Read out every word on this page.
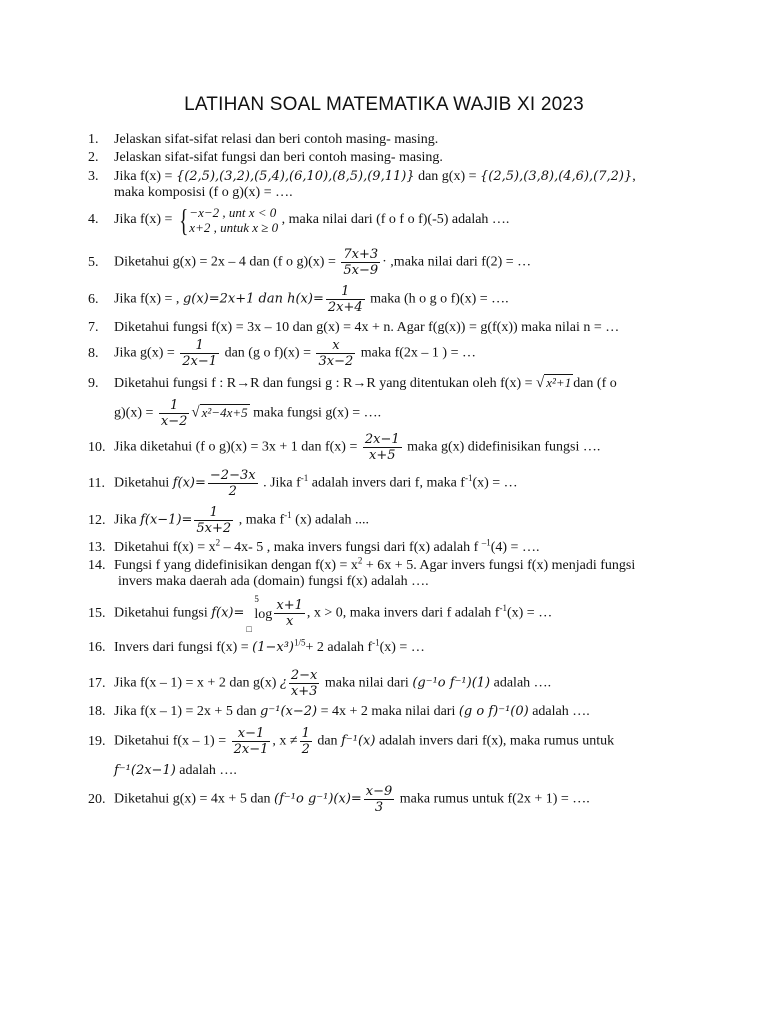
LATIHAN SOAL MATEMATIKA WAJIB XI 2023
1. Jelaskan sifat-sifat relasi dan beri contoh masing- masing.
2. Jelaskan sifat-sifat fungsi dan beri contoh masing- masing.
3. Jika f(x) = {(2,5),(3,2),(5,4),(6,10),(8,5),(9,11)} dan g(x) = {(2,5),(3,8),(4,6),(7,2)},
maka komposisi (f o g)(x) = ….
4. Jika f(x) = { −x−2 , unt x < 0
x+2 , untuk x ≥ 0
, maka nilai dari (f o f o f)(-5) adalah ….
5. Diketahui g(x) = 2x – 4 dan (f o $g)(x) = \frac{7x+3}{5x-9}$ · ,maka nilai dari f(2) = …
6. Jika f(x) = , g(x)=2x+1 dan $h(x)= \frac{1}{2x+4}$ maka (h o g o f)(x) = ….
7. Diketahui fungsi f(x) = 3x – 10 dan g(x) = 4x + n. Agar f(g(x)) = g(f(x)) maka nilai n = …
8. Jika $g(x) = \frac{1}{2x-1}$ dan (g o $f)(x) = \frac{x}{3x-2}$ maka f(2x – 1 ) = …
9. Diketahui fungsi f : R→R dan fungsi g : R→R yang ditentukan oleh f(x) = √ x²+1 dan (f o
$g)(x) = \frac{1}{x-2}$ √ x²−4x+5 maka fungsi g(x) = ….
10. Jika diketahui (f o g)(x) = 3x + 1 dan $f(x) = \frac{2x-1}{x+5}$ maka g(x) didefinisikan fungsi ….
11. Diketahui $f(x)= \frac{-2-3x}{2}$ . Jika $f^{-1}$ adalah invers dari f, maka $f^{-1}(x)$ = …
12. Jika $f(x-1)= \frac{1}{5x+2}$ , maka $f^{-1}$ (x) adalah ....
13. Diketahui $f(x) = x^2 - 4x-$ 5 , maka invers fungsi dari f(x) adalah f $^{-1}$(4) = ….
14. Fungsi f yang didefinisikan dengan $f(x) = x^2 + 6x + 5$. Agar invers fungsi f(x) menjadi fungsi
invers maka daerah ada (domain) fungsi f(x) adalah ….
15. Diketahui fungsi f(x)=
5
log
□ $\frac{x+1}{x}$ , x > 0, maka invers dari f adalah $f^{-1}(x)$ = …
16. Invers dari fungsi $f(x) = (1-x^3)^{1/5}+ 2$ adalah $f^{-1}(x)$ = …
17. Jika f(x – 1) = x + 2 dan g(x) ¿ $\frac{2-x}{x+3}$ maka nilai dari (g⁻¹o f⁻¹)(1) adalah ….
18. Jika f(x – 1) = 2x + 5 dan g⁻¹(x−2) = 4x + 2 maka nilai dari (g o f)⁻¹(0) adalah ….
19. Diketahui $f(x - 1) = \frac{x-1}{2x-1}$ , $x \ne \frac{1}{2}$ dan f⁻¹(x) adalah invers dari f(x), maka rumus untuk
f⁻¹(2x−1) adalah ….
20. Diketahui g(x) = 4x + 5 dan (f⁻¹o $g^{-1})(x)= \frac{x-9}{3}$ maka rumus untuk f(2x + 1) = ….
